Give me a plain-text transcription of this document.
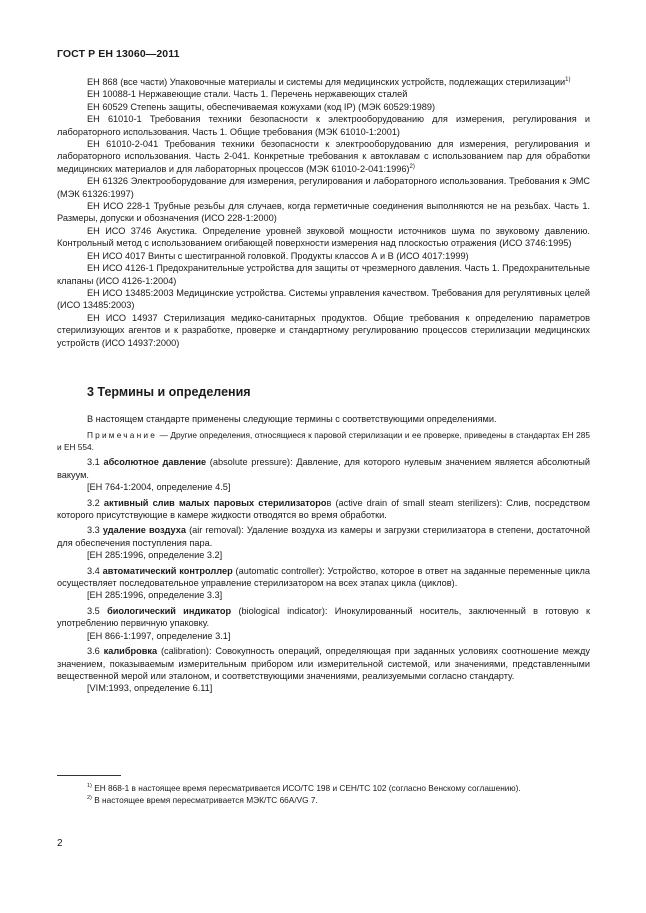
ГОСТ Р ЕН 13060—2011

ЕН 868 (все части) Упаковочные материалы и системы для медицинских устройств, подлежащих стерилизации$^{1)}$

ЕН 10088-1 Нержавеющие стали. Часть 1. Перечень нержавеющих сталей

ЕН 60529 Степень защиты, обеспечиваемая кожухами (код IP) (МЭК 60529:1989)

ЕН 61010-1 Требования техники безопасности к электрооборудованию для измерения, регулирования и лабораторного использования. Часть 1. Общие требования (МЭК 61010-1:2001)

ЕН 61010-2-041 Требования техники безопасности к электрооборудованию для измерения, регулирования и лабораторного использования. Часть 2-041. Конкретные требования к автоклавам с использованием пар для обработки медицинских материалов и для лабораторных процессов (МЭК 61010-2-041:1996)$^{2)}$

ЕН 61326 Электрооборудование для измерения, регулирования и лабораторного использования. Требования к ЭМС (МЭК 61326:1997)

ЕН ИСО 228-1 Трубные резьбы для случаев, когда герметичные соединения выполняются не на резьбах. Часть 1. Размеры, допуски и обозначения (ИСО 228-1:2000)

ЕН ИСО 3746 Акустика. Определение уровней звуковой мощности источников шума по звуковому давлению. Контрольный метод с использованием огибающей поверхности измерения над плоскостью отражения (ИСО 3746:1995)

ЕН ИСО 4017 Винты с шестигранной головкой. Продукты классов А и В (ИСО 4017:1999)

ЕН ИСО 4126-1 Предохранительные устройства для защиты от чрезмерного давления. Часть 1. Предохранительные клапаны (ИСО 4126-1:2004)

ЕН ИСО 13485:2003 Медицинские устройства. Системы управления качеством. Требования для регулятивных целей (ИСО 13485:2003)

ЕН ИСО 14937 Стерилизация медико-санитарных продуктов. Общие требования к определению параметров стерилизующих агентов и к разработке, проверке и стандартному регулированию процессов стерилизации медицинских устройств (ИСО 14937:2000)

3 Термины и определения

В настоящем стандарте применены следующие термины с соответствующими определениями.

Примечание — Другие определения, относящиеся к паровой стерилизации и ее проверке, приведены в стандартах ЕН 285 и ЕН 554.

3.1 абсолютное давление (absolute pressure): Давление, для которого нулевым значением является абсолютный вакуум.

[ЕН 764-1:2004, определение 4.5]

3.2 активный слив малых паровых стерилизаторов (active drain of small steam sterilizers): Слив, посредством которого присутствующие в камере жидкости отводятся во время обработки.

3.3 удаление воздуха (air removal): Удаление воздуха из камеры и загрузки стерилизатора в степени, достаточной для обеспечения поступления пара.

[ЕН 285:1996, определение 3.2]

3.4 автоматический контроллер (automatic controller): Устройство, которое в ответ на заданные переменные цикла осуществляет последовательное управление стерилизатором на всех этапах цикла (циклов).

[ЕН 285:1996, определение 3.3]

3.5 биологический индикатор (biological indicator): Инокулированный носитель, заключенный в готовую к употреблению первичную упаковку.

[ЕН 866-1:1997, определение 3.1]

3.6 калибровка (calibration): Совокупность операций, определяющая при заданных условиях соотношение между значением, показываемым измерительным прибором или измерительной системой, или значениями, представленными вещественной мерой или эталоном, и соответствующими значениями, реализуемыми согласно стандарту.

[VIM:1993, определение 6.11]

$^{1)}$ ЕН 868-1 в настоящее время пересматривается ИСО/ТС 198 и СЕН/ТС 102 (согласно Венскому соглашению).

$^{2)}$ В настоящее время пересматривается МЭК/ТС 66А/VG 7.

2
